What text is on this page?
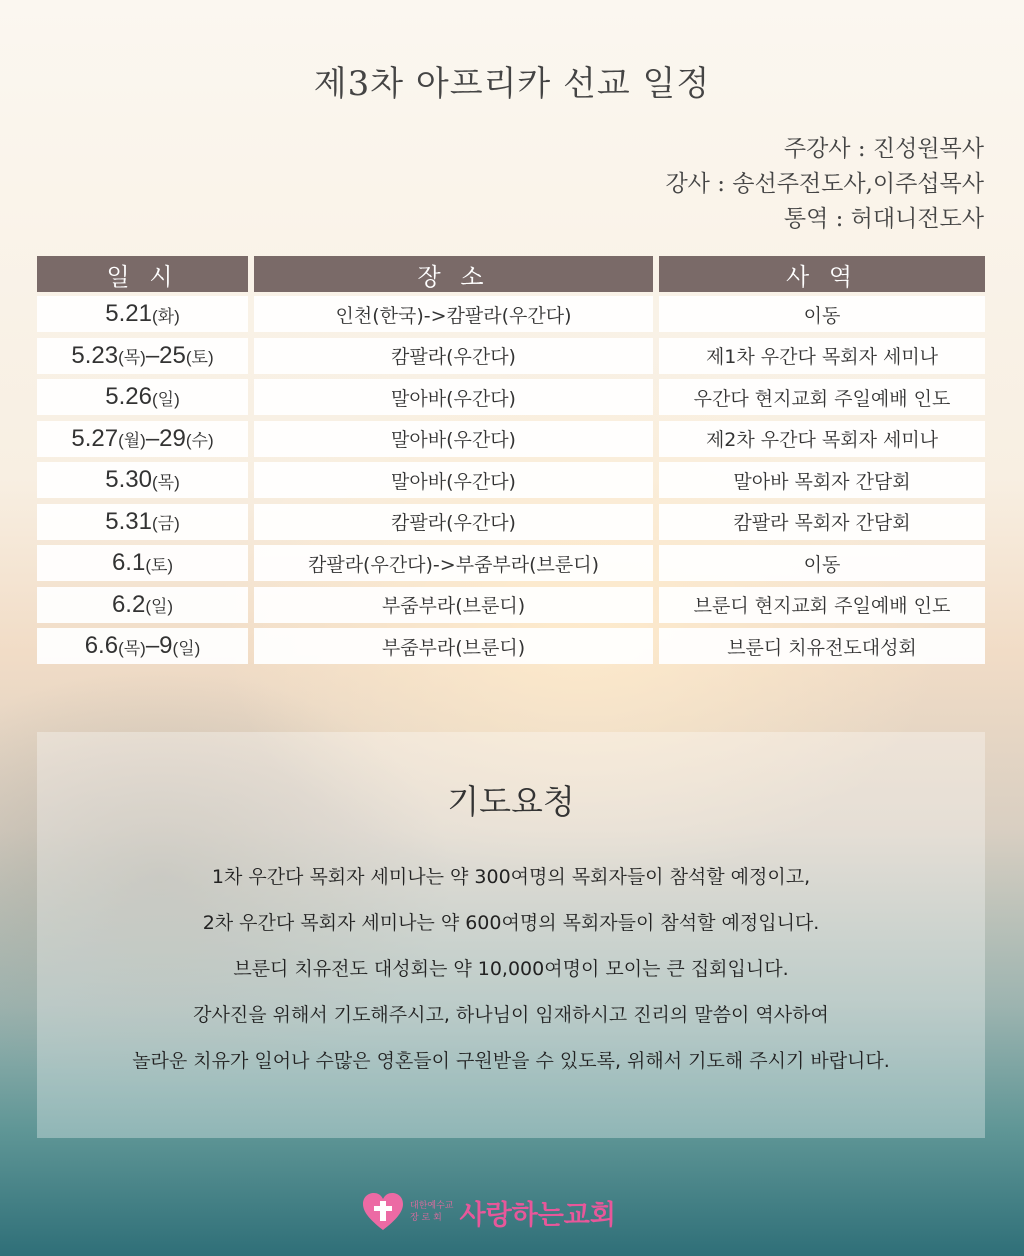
제3차 아프리카 선교 일정
주강사 : 진성원목사
강사 : 송선주전도사,이주섭목사
통역 : 허대니전도사
일 시	장 소	사 역
5.21 (화)	인천(한국)->캄팔라(우간다)	이동
5.23 (목) –25 (토)	캄팔라(우간다)	제1차 우간다 목회자 세미나
5.26 (일)	말아바(우간다)	우간다 현지교회 주일예배 인도
5.27 (월) –29 (수)	말아바(우간다)	제2차 우간다 목회자 세미나
5.30 (목)	말아바(우간다)	말아바 목회자 간담회
5.31 (금)	캄팔라(우간다)	캄팔라 목회자 간담회
6.1 (토)	캄팔라(우간다)->부줌부라(브룬디)	이동
6.2 (일)	부줌부라(브룬디)	브룬디 현지교회 주일예배 인도
6.6 (목) –9 (일)	부줌부라(브룬디)	브룬디 치유전도대성회
기도요청
1차 우간다 목회자 세미나는 약 300여명의 목회자들이 참석할 예정이고,
2차 우간다 목회자 세미나는 약 600여명의 목회자들이 참석할 예정입니다.
브룬디 치유전도 대성회는 약 10,000여명이 모이는 큰 집회입니다.
강사진을 위해서 기도해주시고, 하나님이 임재하시고 진리의 말씀이 역사하여
놀라운 치유가 일어나 수많은 영혼들이 구원받을 수 있도록, 위해서 기도해 주시기 바랍니다.
대한예수교
장 로 회 사랑하는교회
